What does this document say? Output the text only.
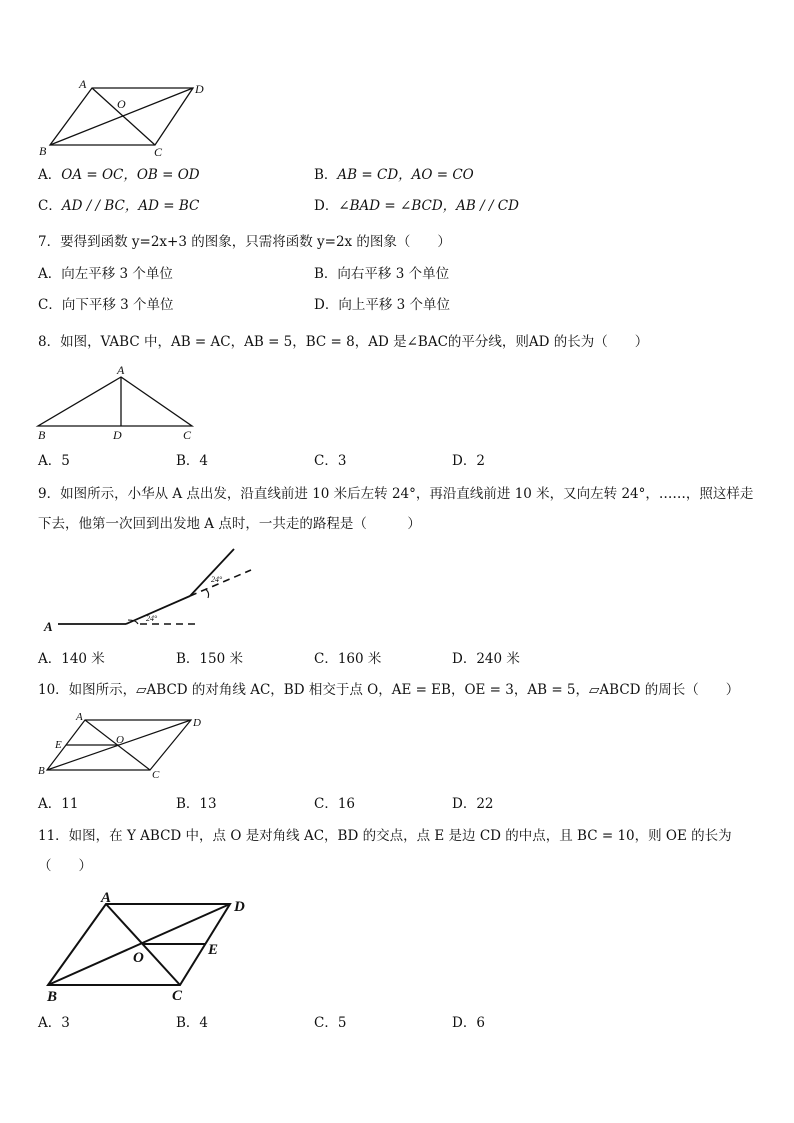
A	D
O
B	C
A．OA = OC，OB = OD	B．AB = CD，AO = CO
C．AD / / BC，AD = BC	D．∠BAD = ∠BCD，AB / / CD
7．要得到函数 y=2x+3 的图象，只需将函数 y=2x 的图象（　　）
A．向左平移 3 个单位	B．向右平移 3 个单位
C．向下平移 3 个单位	D．向上平移 3 个单位
8．如图，VABC 中，AB = AC，AB = 5，BC = 8，AD 是∠BAC的平分线，则AD 的长为（　　）
A
B	D	C
A．5	B．4	C．3	D．2
9．如图所示，小华从 A 点出发，沿直线前进 10 米后左转 24°，再沿直线前进 10 米，又向左转 24°，……，照这样走
下去，他第一次回到出发地 A 点时，一共走的路程是（　　　）
A
24°
24°
A．140 米	B．150 米	C．160 米	D．240 米
10．如图所示，▱ABCD 的对角线 AC，BD 相交于点 O，AE = EB，OE = 3，AB = 5，▱ABCD 的周长（　　）
A	D
E	O
B	C
A．11	B．13	C．16	D．22
11．如图，在 Y ABCD 中，点 O 是对角线 AC，BD 的交点，点 E 是边 CD 的中点，且 BC = 10，则 OE 的长为
（　　）
A
D
E
O
B	C
A．3	B．4	C．5	D．6
